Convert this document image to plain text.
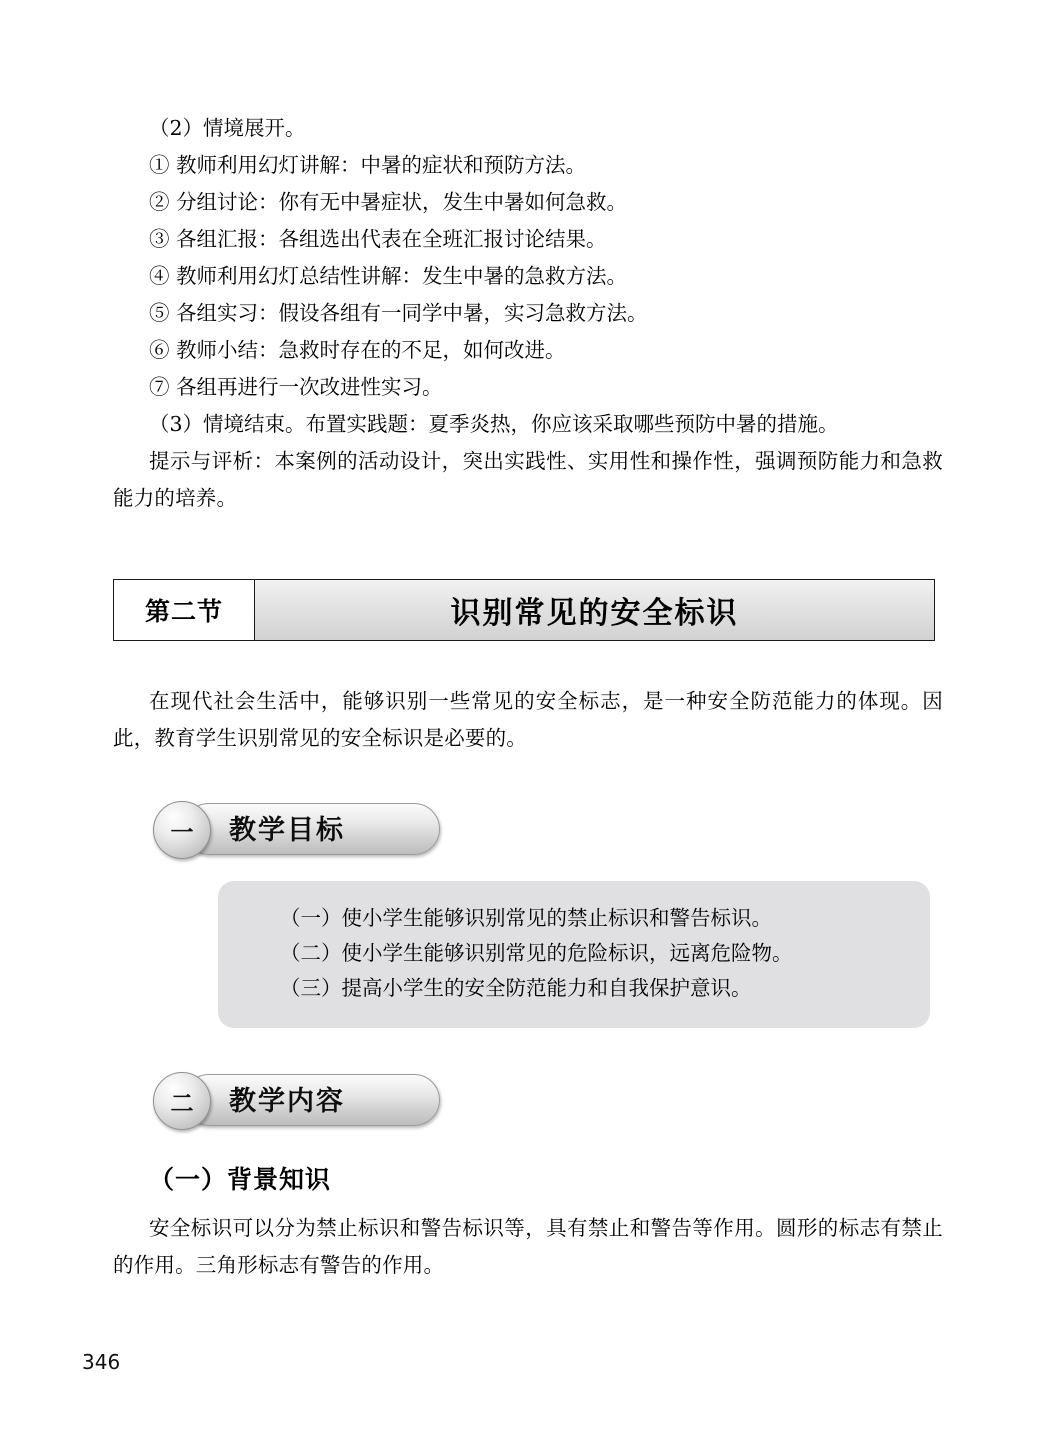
（2）情境展开。

① 教师利用幻灯讲解：中暑的症状和预防方法。

② 分组讨论：你有无中暑症状，发生中暑如何急救。

③ 各组汇报：各组选出代表在全班汇报讨论结果。

④ 教师利用幻灯总结性讲解：发生中暑的急救方法。

⑤ 各组实习：假设各组有一同学中暑，实习急救方法。

⑥ 教师小结：急救时存在的不足，如何改进。

⑦ 各组再进行一次改进性实习。

（3）情境结束。布置实践题：夏季炎热，你应该采取哪些预防中暑的措施。

提示与评析：本案例的活动设计，突出实践性、实用性和操作性，强调预防能力和急救能力的培养。

第二节	识别常见的安全标识

在现代社会生活中，能够识别一些常见的安全标志，是一种安全防范能力的体现。因此，教育学生识别常见的安全标识是必要的。

一	教学目标

（一）使小学生能够识别常见的禁止标识和警告标识。

（二）使小学生能够识别常见的危险标识，远离危险物。

（三）提高小学生的安全防范能力和自我保护意识。

二	教学内容
（一）背景知识

安全标识可以分为禁止标识和警告标识等，具有禁止和警告等作用。圆形的标志有禁止的作用。三角形标志有警告的作用。

346
